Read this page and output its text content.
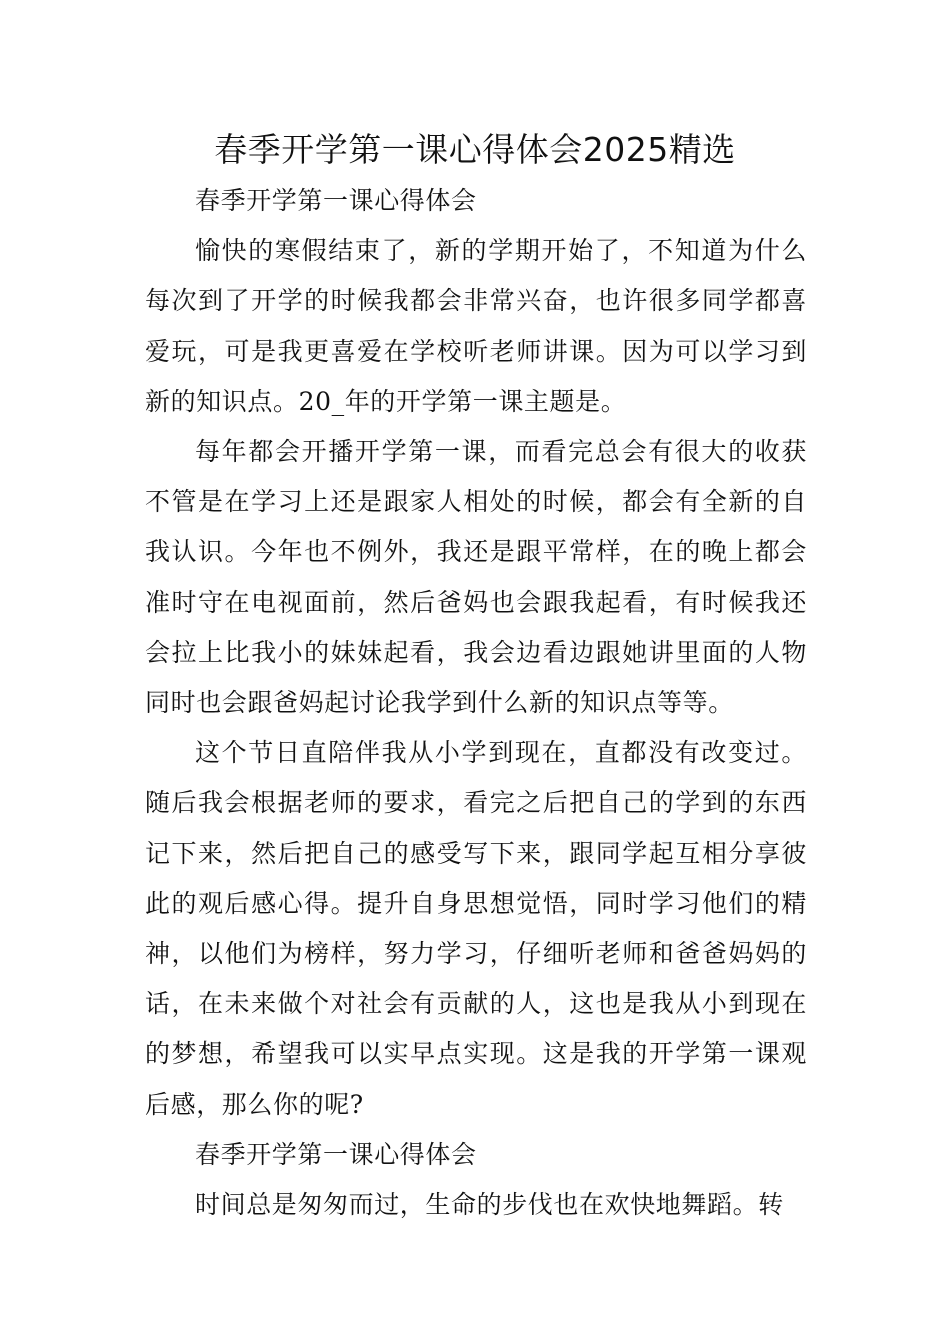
春季开学第一课心得体会2025精选

春季开学第一课心得体会

愉快的寒假结束了，新的学期开始了，不知道为什么每次到了开学的时候我都会非常兴奋，也许很多同学都喜爱玩，可是我更喜爱在学校听老师讲课。因为可以学习到新的知识点。20_年的开学第一课主题是。

每年都会开播开学第一课，而看完总会有很大的收获不管是在学习上还是跟家人相处的时候，都会有全新的自我认识。今年也不例外，我还是跟平常样，在的晚上都会准时守在电视面前，然后爸妈也会跟我起看，有时候我还会拉上比我小的妹妹起看，我会边看边跟她讲里面的人物同时也会跟爸妈起讨论我学到什么新的知识点等等。

这个节日直陪伴我从小学到现在，直都没有改变过。随后我会根据老师的要求，看完之后把自己的学到的东西记下来，然后把自己的感受写下来，跟同学起互相分享彼此的观后感心得。提升自身思想觉悟，同时学习他们的精神，以他们为榜样，努力学习，仔细听老师和爸爸妈妈的话，在未来做个对社会有贡献的人，这也是我从小到现在的梦想，希望我可以实早点实现。这是我的开学第一课观后感，那么你的呢?

春季开学第一课心得体会

时间总是匆匆而过，生命的步伐也在欢快地舞蹈。转
